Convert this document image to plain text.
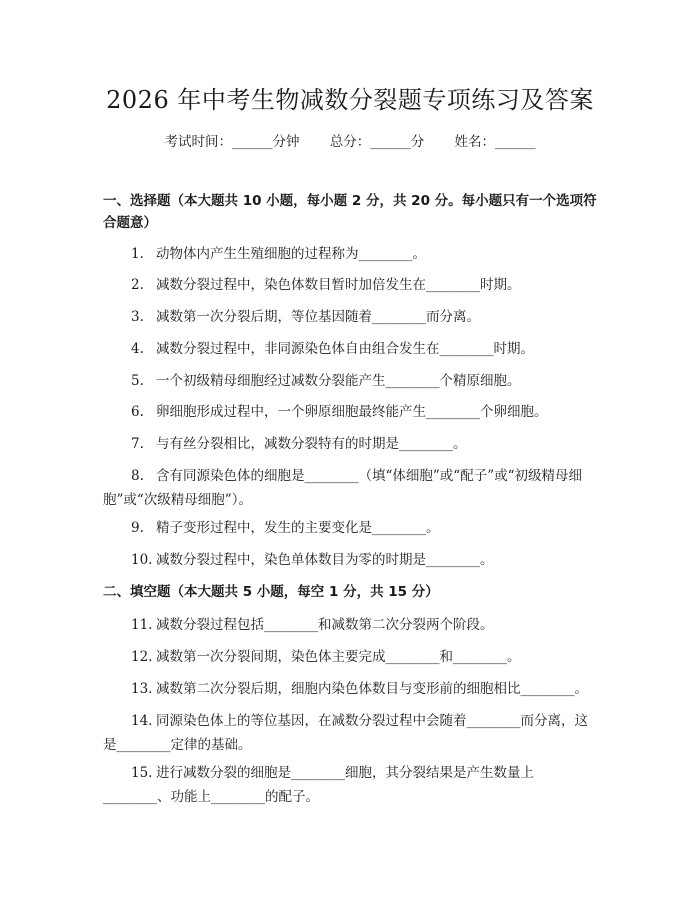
2026 年中考生物减数分裂题专项练习及答案
考试时间：______分钟 总分：______分 姓名：______
一、选择题（本大题共 10 小题，每小题 2 分，共 20 分。每小题只有一个选项符合题意）
1. 动物体内产生生殖细胞的过程称为________。
2. 减数分裂过程中，染色体数目暂时加倍发生在________时期。
3. 减数第一次分裂后期，等位基因随着________而分离。
4. 减数分裂过程中，非同源染色体自由组合发生在________时期。
5. 一个初级精母细胞经过减数分裂能产生________个精原细胞。
6. 卵细胞形成过程中，一个卵原细胞最终能产生________个卵细胞。
7. 与有丝分裂相比，减数分裂特有的时期是________。
8. 含有同源染色体的细胞是________（填“体细胞”或“配子”或“初级精母细胞”或“次级精母细胞”）。
9. 精子变形过程中，发生的主要变化是________。
10. 减数分裂过程中，染色单体数目为零的时期是________。
二、填空题（本大题共 5 小题，每空 1 分，共 15 分）
11. 减数分裂过程包括________和减数第二次分裂两个阶段。
12. 减数第一次分裂间期，染色体主要完成________和________。
13. 减数第二次分裂后期，细胞内染色体数目与变形前的细胞相比________。
14. 同源染色体上的等位基因，在减数分裂过程中会随着________而分离，这是________定律的基础。
15. 进行减数分裂的细胞是________细胞，其分裂结果是产生数量上________、功能上________的配子。
